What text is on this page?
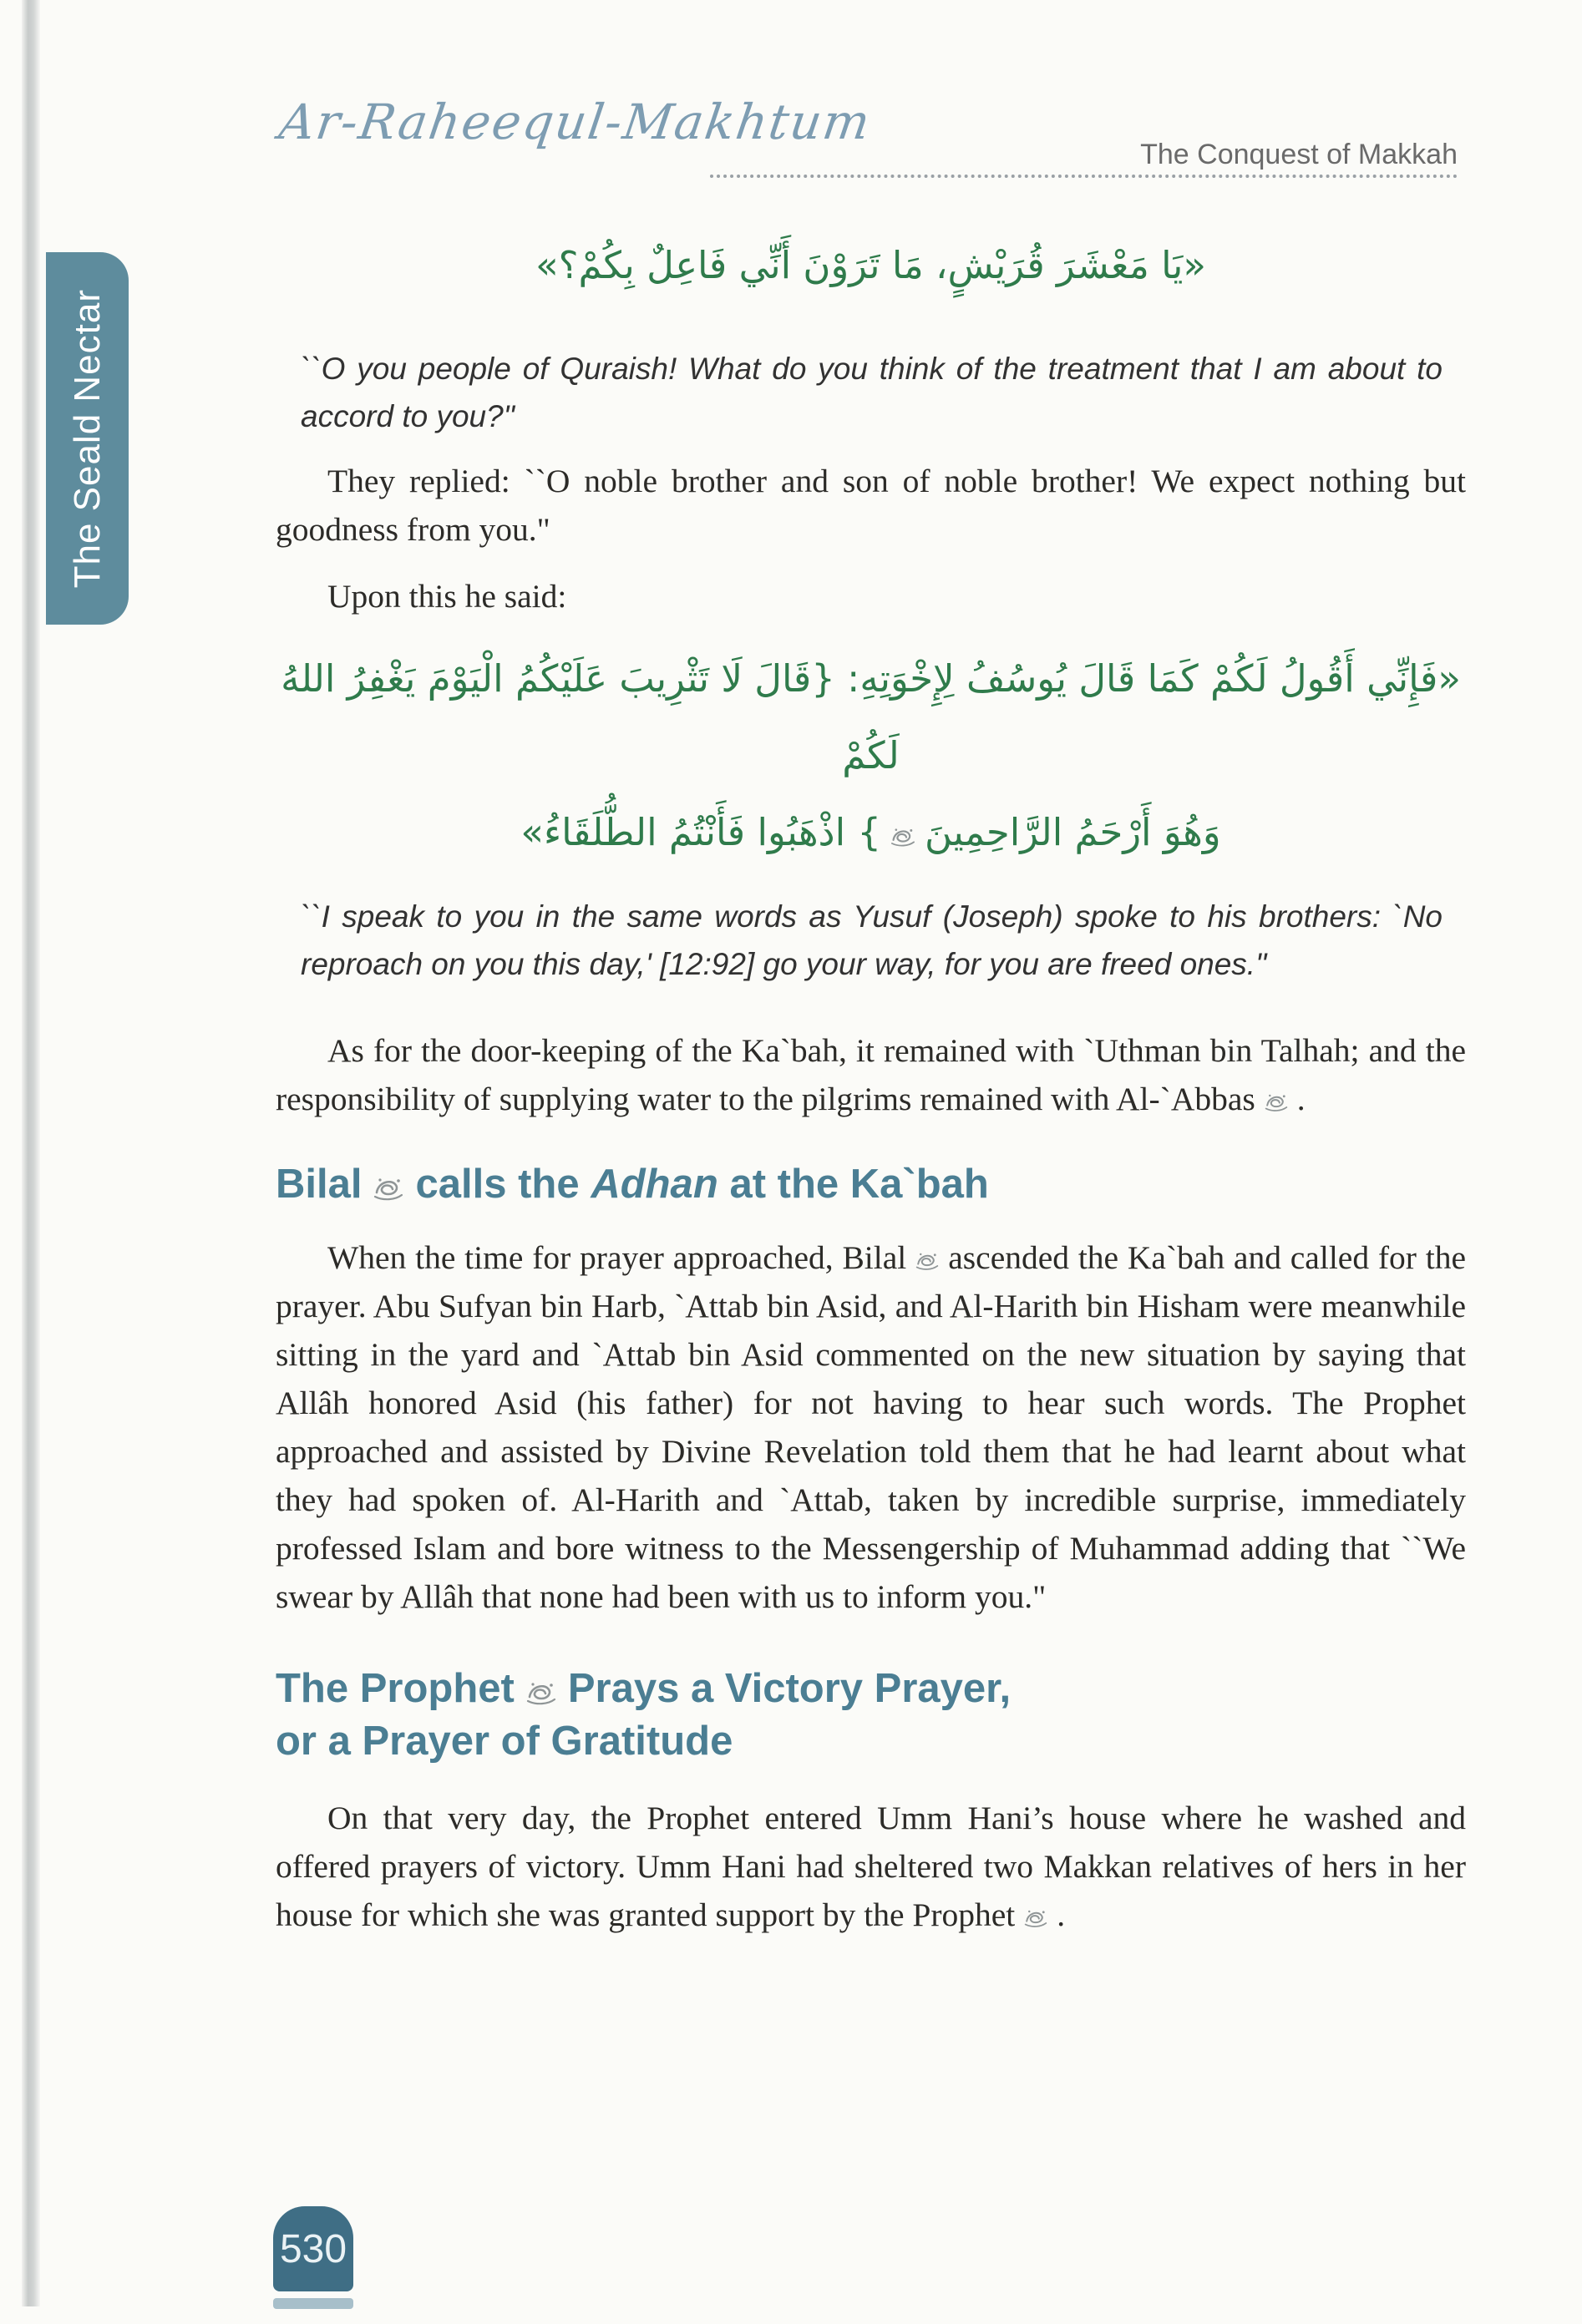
The Seald Nectar
Ar-Raheequl-Makhtum
The Conquest of Makkah

«يَا مَعْشَرَ قُرَيْشٍ، مَا تَرَوْنَ أَنِّي فَاعِلٌ بِكُمْ؟»

``O you people of Quraish! What do you think of the treatment that I am about to accord to you?"

They replied: ``O noble brother and son of noble brother! We expect nothing but goodness from you."

Upon this he said:

«فَإِنِّي أَقُولُ لَكُمْ كَمَا قَالَ يُوسُفُ لِإِخْوَتِهِ: {قَالَ لَا تَثْرِيبَ عَلَيْكُمُ الْيَوْمَ يَغْفِرُ اللهُ لَكُمْ
وَهُوَ أَرْحَمُ الرَّاحِمِينَ} اذْهَبُوا فَأَنْتُمُ الطُّلَقَاءُ»

``I speak to you in the same words as Yusuf (Joseph) spoke to his brothers: `No reproach on you this day,' [12:92] go your way, for you are freed ones."

As for the door-keeping of the Ka`bah, it remained with `Uthman bin Talhah; and the responsibility of supplying water to the pilgrims remained with Al-`Abbas .

Bilal calls the Adhan at the Ka`bah

When the time for prayer approached, Bilal ascended the Ka`bah and called for the prayer. Abu Sufyan bin Harb, `Attab bin Asid, and Al-Harith bin Hisham were meanwhile sitting in the yard and `Attab bin Asid commented on the new situation by saying that Allâh honored Asid (his father) for not having to hear such words. The Prophet approached and assisted by Divine Revelation told them that he had learnt about what they had spoken of. Al-Harith and `Attab, taken by incredible surprise, immediately professed Islam and bore witness to the Messengership of Muhammad adding that ``We swear by Allâh that none had been with us to inform you."

The Prophet Prays a Victory Prayer,
or a Prayer of Gratitude

On that very day, the Prophet entered Umm Hani’s house where he washed and offered prayers of victory. Umm Hani had sheltered two Makkan relatives of hers in her house for which she was granted support by the Prophet .

530
